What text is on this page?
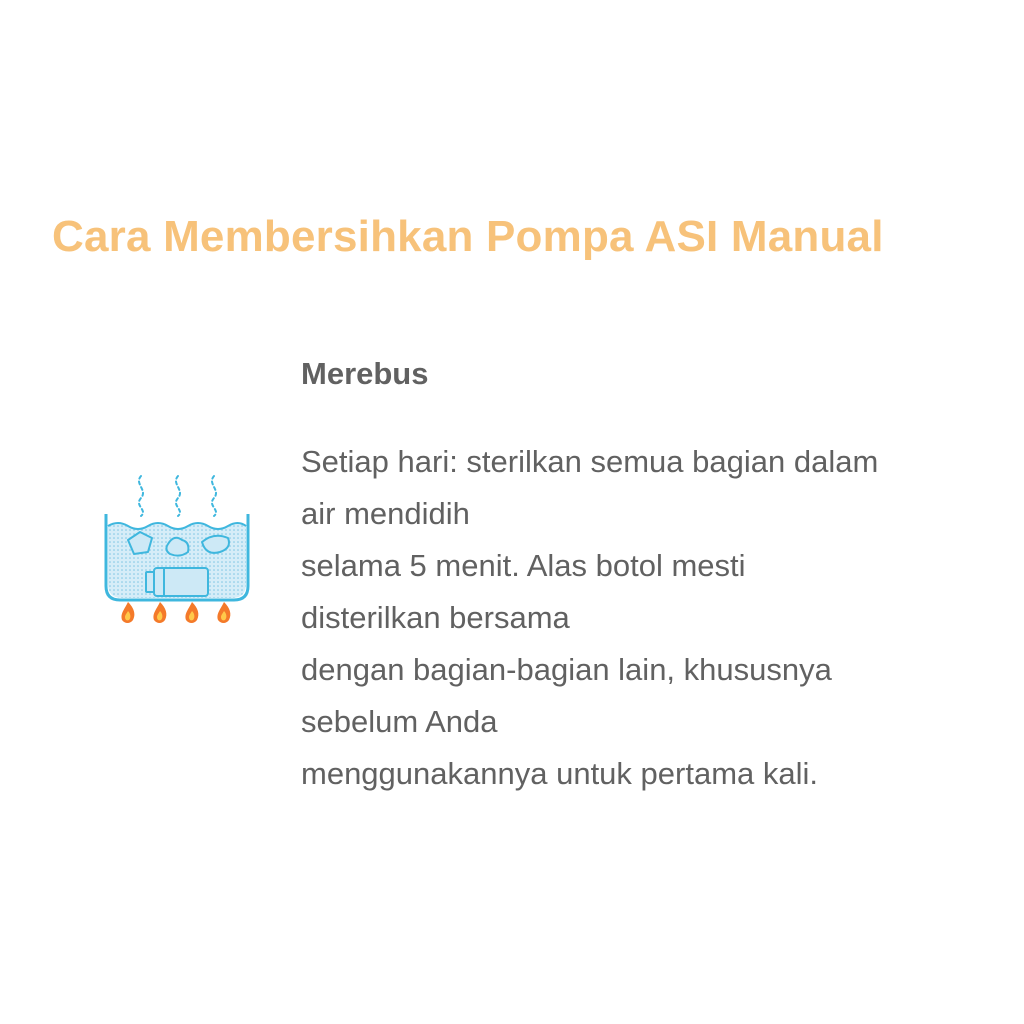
Cara Membersihkan Pompa ASI Manual
Merebus
Setiap hari: sterilkan semua bagian dalam
air mendidih
selama 5 menit. Alas botol mesti
disterilkan bersama
dengan bagian-bagian lain, khususnya
sebelum Anda
menggunakannya untuk pertama kali.
